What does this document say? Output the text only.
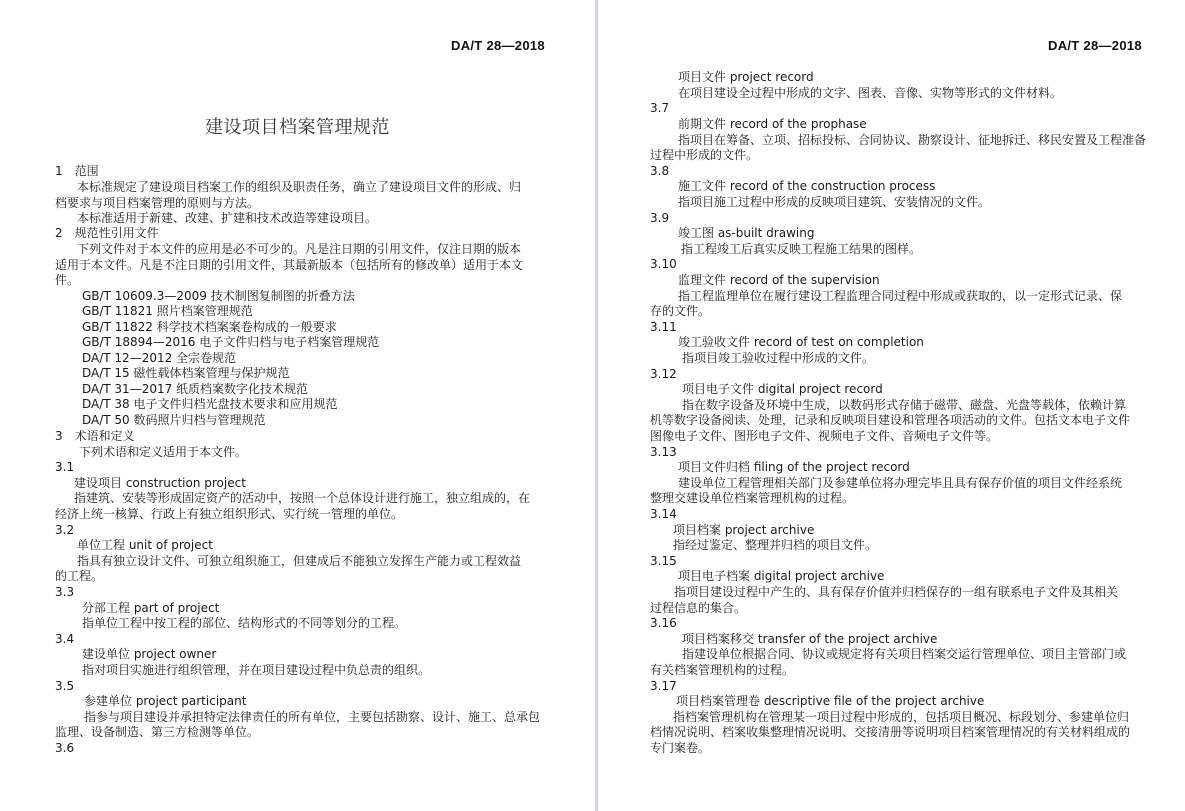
DA/T 28—2018
建设项目档案管理规范
1　范围
本标准规定了建设项目档案工作的组织及职责任务，确立了建设项目文件的形成、归
档要求与项目档案管理的原则与方法。
本标准适用于新建、改建、扩建和技术改造等建设项目。
2　规范性引用文件
下列文件对于本文件的应用是必不可少的。凡是注日期的引用文件，仅注日期的版本
适用于本文件。凡是不注日期的引用文件，其最新版本（包括所有的修改单）适用于本文
件。
GB/T 10609.3—2009 技术制图复制图的折叠方法
GB/T 11821 照片档案管理规范
GB/T 11822 科学技术档案案卷构成的一般要求
GB/T 18894—2016 电子文件归档与电子档案管理规范
DA/T 12—2012 全宗卷规范
DA/T 15 磁性载体档案管理与保护规范
DA/T 31—2017 纸质档案数字化技术规范
DA/T 38 电子文件归档光盘技术要求和应用规范
DA/T 50 数码照片归档与管理规范
3　术语和定义
下列术语和定义适用于本文件。
3.1
建设项目 construction project
指建筑、安装等形成固定资产的活动中，按照一个总体设计进行施工，独立组成的，在
经济上统一核算、行政上有独立组织形式、实行统一管理的单位。
3.2
单位工程 unit of project
指具有独立设计文件、可独立组织施工，但建成后不能独立发挥生产能力或工程效益
的工程。
3.3
分部工程 part of project
指单位工程中按工程的部位、结构形式的不同等划分的工程。
3.4
建设单位 project owner
指对项目实施进行组织管理，并在项目建设过程中负总责的组织。
3.5
参建单位 project participant
指参与项目建设并承担特定法律责任的所有单位，主要包括勘察、设计、施工、总承包
监理、设备制造、第三方检测等单位。
3.6
DA/T 28—2018
项目文件 project record
在项目建设全过程中形成的文字、图表、音像、实物等形式的文件材料。
3.7
前期文件 record of the prophase
指项目在筹备、立项、招标投标、合同协议、勘察设计、征地拆迁、移民安置及工程准备
过程中形成的文件。
3.8
施工文件 record of the construction process
指项目施工过程中形成的反映项目建筑、安装情况的文件。
3.9
竣工图 as-built drawing
指工程竣工后真实反映工程施工结果的图样。
3.10
监理文件 record of the supervision
指工程监理单位在履行建设工程监理合同过程中形成或获取的，以一定形式记录、保
存的文件。
3.11
竣工验收文件 record of test on completion
指项目竣工验收过程中形成的文件。
3.12
项目电子文件 digital project record
指在数字设备及环境中生成，以数码形式存储于磁带、磁盘、光盘等载体，依赖计算
机等数字设备阅读、处理，记录和反映项目建设和管理各项活动的文件。包括文本电子文件
图像电子文件、图形电子文件、视频电子文件、音频电子文件等。
3.13
项目文件归档 filing of the project record
建设单位工程管理相关部门及参建单位将办理完毕且具有保存价值的项目文件经系统
整理交建设单位档案管理机构的过程。
3.14
项目档案 project archive
指经过鉴定、整理并归档的项目文件。
3.15
项目电子档案 digital project archive
指项目建设过程中产生的、具有保存价值并归档保存的一组有联系电子文件及其相关
过程信息的集合。
3.16
项目档案移交 transfer of the project archive
指建设单位根据合同、协议或规定将有关项目档案交运行管理单位、项目主管部门或
有关档案管理机构的过程。
3.17
项目档案管理卷 descriptive file of the project archive
指档案管理机构在管理某一项目过程中形成的，包括项目概况、标段划分、参建单位归
档情况说明、档案收集整理情况说明、交接清册等说明项目档案管理情况的有关材料组成的
专门案卷。
